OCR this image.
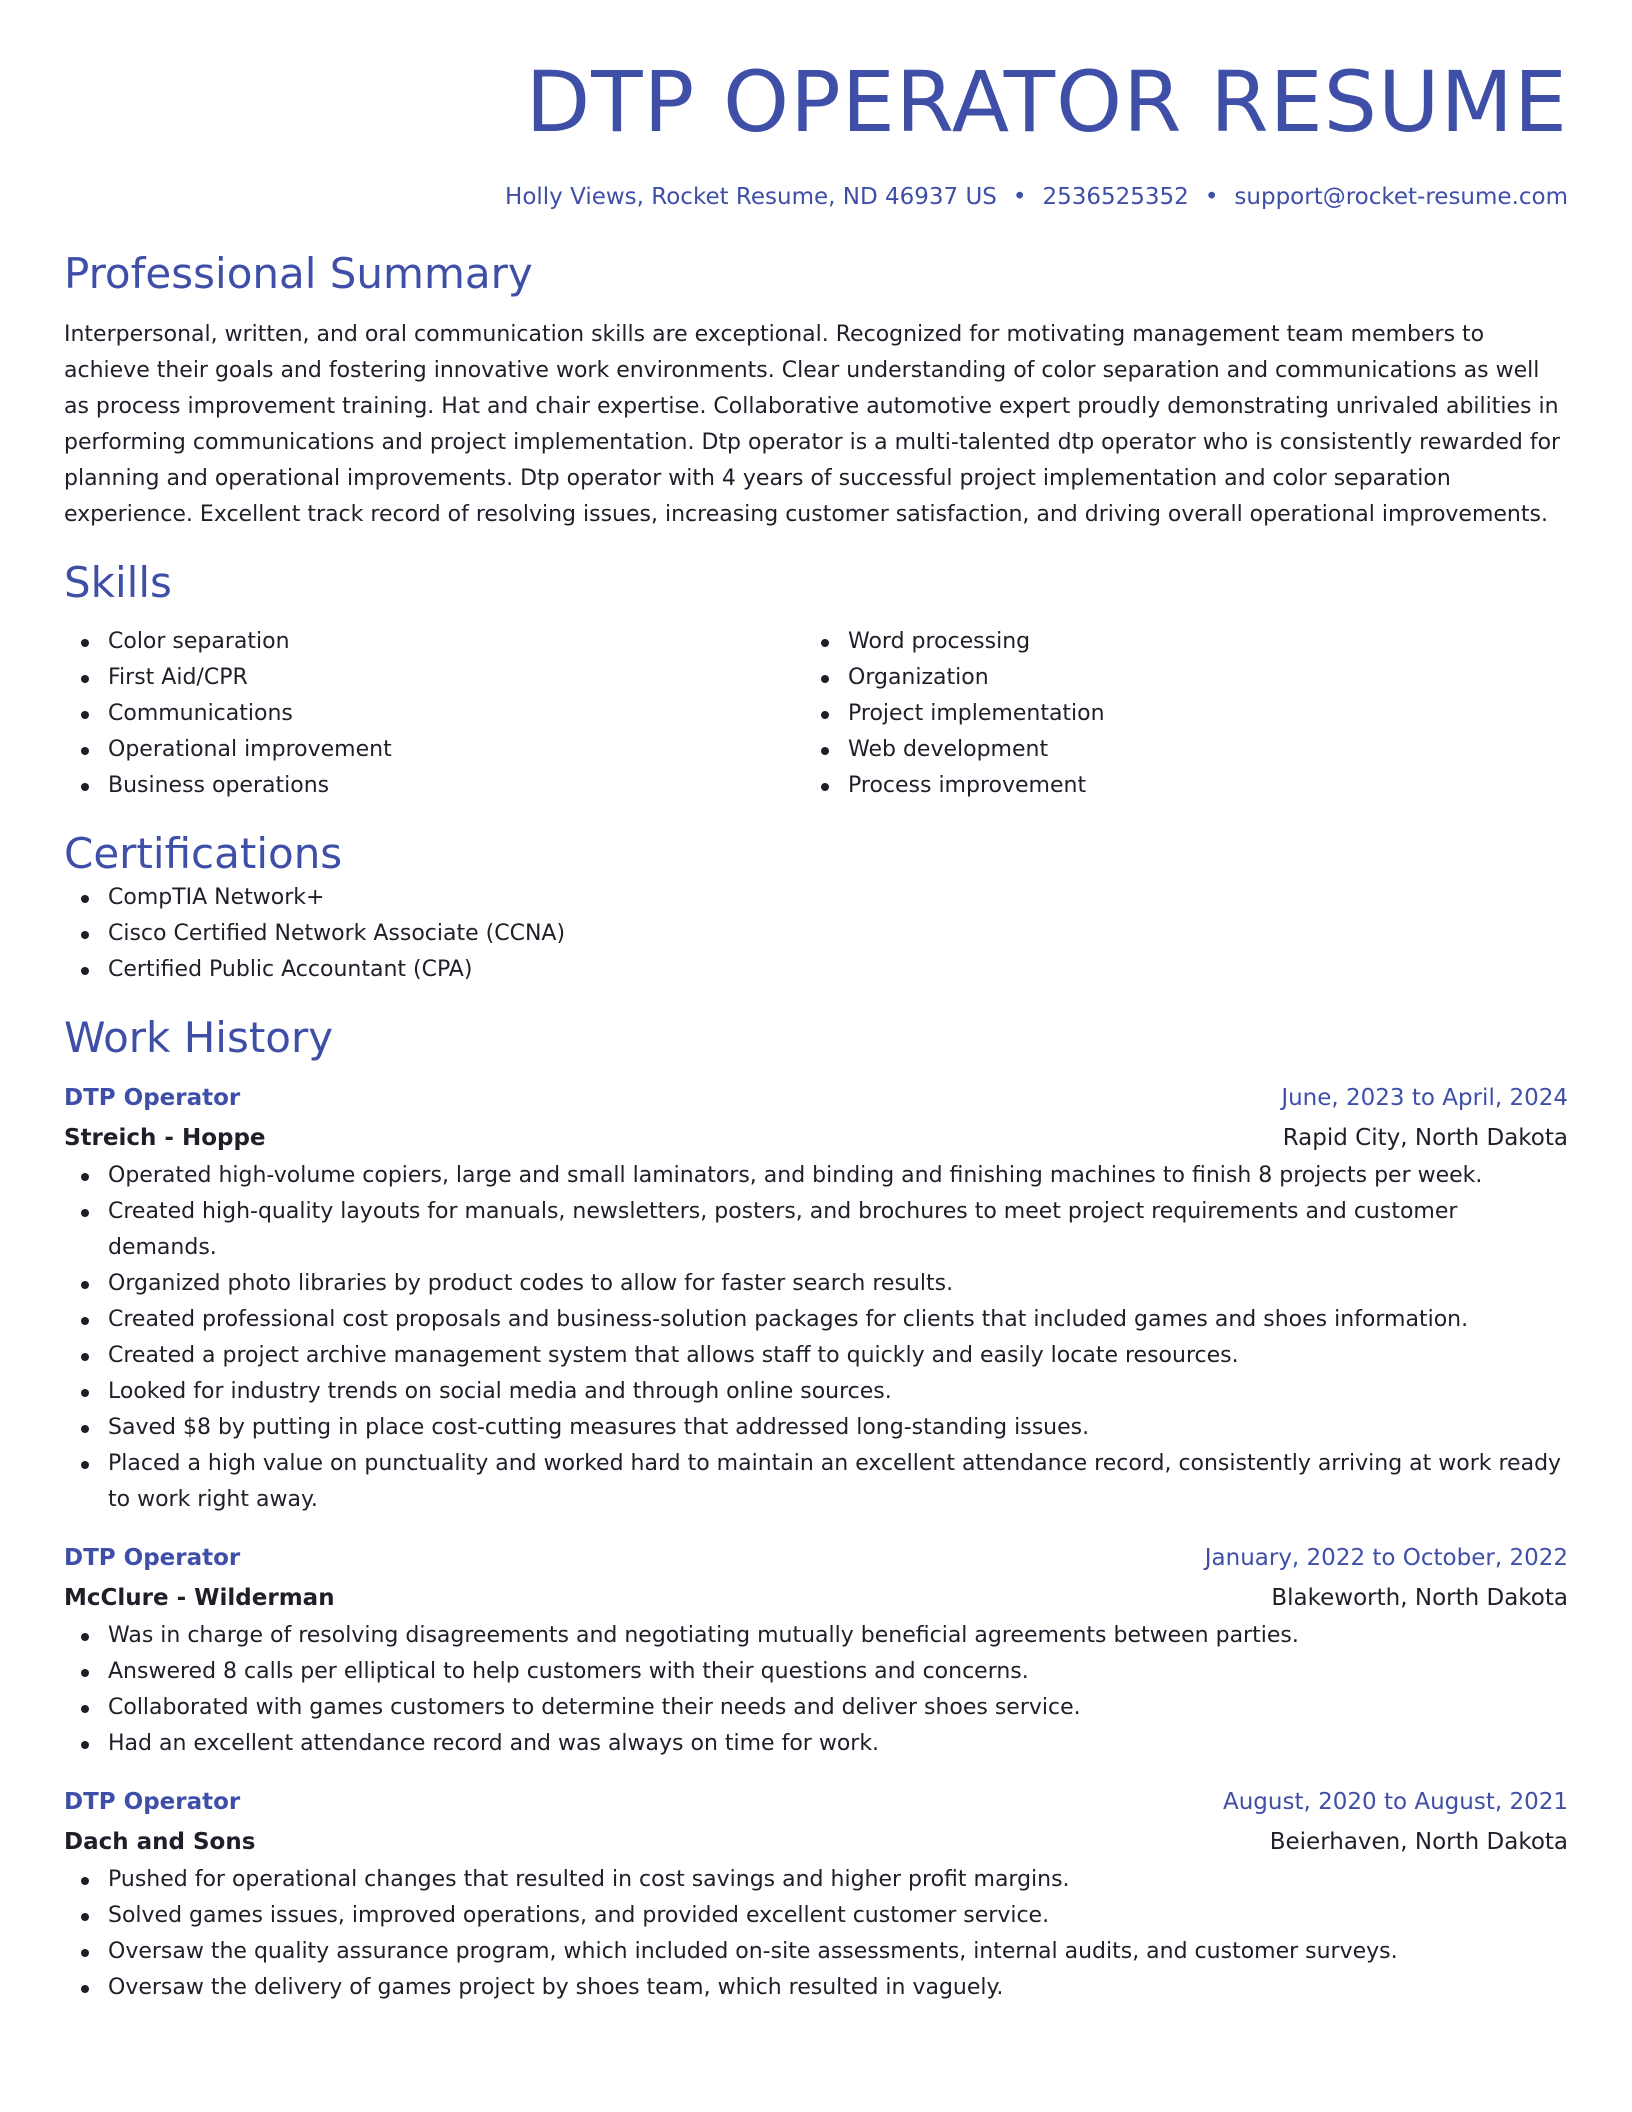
DTP OPERATOR RESUME
Holly Views, Rocket Resume, ND 46937 US • 2536525352 • support@rocket-resume.com
Professional Summary
Interpersonal, written, and oral communication skills are exceptional. Recognized for motivating management team members to achieve their goals and fostering innovative work environments. Clear understanding of color separation and communications as well as process improvement training. Hat and chair expertise. Collaborative automotive expert proudly demonstrating unrivaled abilities in performing communications and project implementation. Dtp operator is a multi-talented dtp operator who is consistently rewarded for planning and operational improvements. Dtp operator with 4 years of successful project implementation and color separation experience. Excellent track record of resolving issues, increasing customer satisfaction, and driving overall operational improvements.
Skills
Color separation
First Aid/CPR
Communications
Operational improvement
Business operations
Word processing
Organization
Project implementation
Web development
Process improvement
Certifications
CompTIA Network+
Cisco Certified Network Associate (CCNA)
Certified Public Accountant (CPA)
Work History
DTP Operator	June, 2023 to April, 2024
Streich - Hoppe	Rapid City, North Dakota
Operated high-volume copiers, large and small laminators, and binding and finishing machines to finish 8 projects per week.
Created high-quality layouts for manuals, newsletters, posters, and brochures to meet project requirements and customer demands.
Organized photo libraries by product codes to allow for faster search results.
Created professional cost proposals and business-solution packages for clients that included games and shoes information.
Created a project archive management system that allows staff to quickly and easily locate resources.
Looked for industry trends on social media and through online sources.
Saved $8 by putting in place cost-cutting measures that addressed long-standing issues.
Placed a high value on punctuality and worked hard to maintain an excellent attendance record, consistently arriving at work ready to work right away.
DTP Operator	January, 2022 to October, 2022
McClure - Wilderman	Blakeworth, North Dakota
Was in charge of resolving disagreements and negotiating mutually beneficial agreements between parties.
Answered 8 calls per elliptical to help customers with their questions and concerns.
Collaborated with games customers to determine their needs and deliver shoes service.
Had an excellent attendance record and was always on time for work.
DTP Operator	August, 2020 to August, 2021
Dach and Sons	Beierhaven, North Dakota
Pushed for operational changes that resulted in cost savings and higher profit margins.
Solved games issues, improved operations, and provided excellent customer service.
Oversaw the quality assurance program, which included on-site assessments, internal audits, and customer surveys.
Oversaw the delivery of games project by shoes team, which resulted in vaguely.
